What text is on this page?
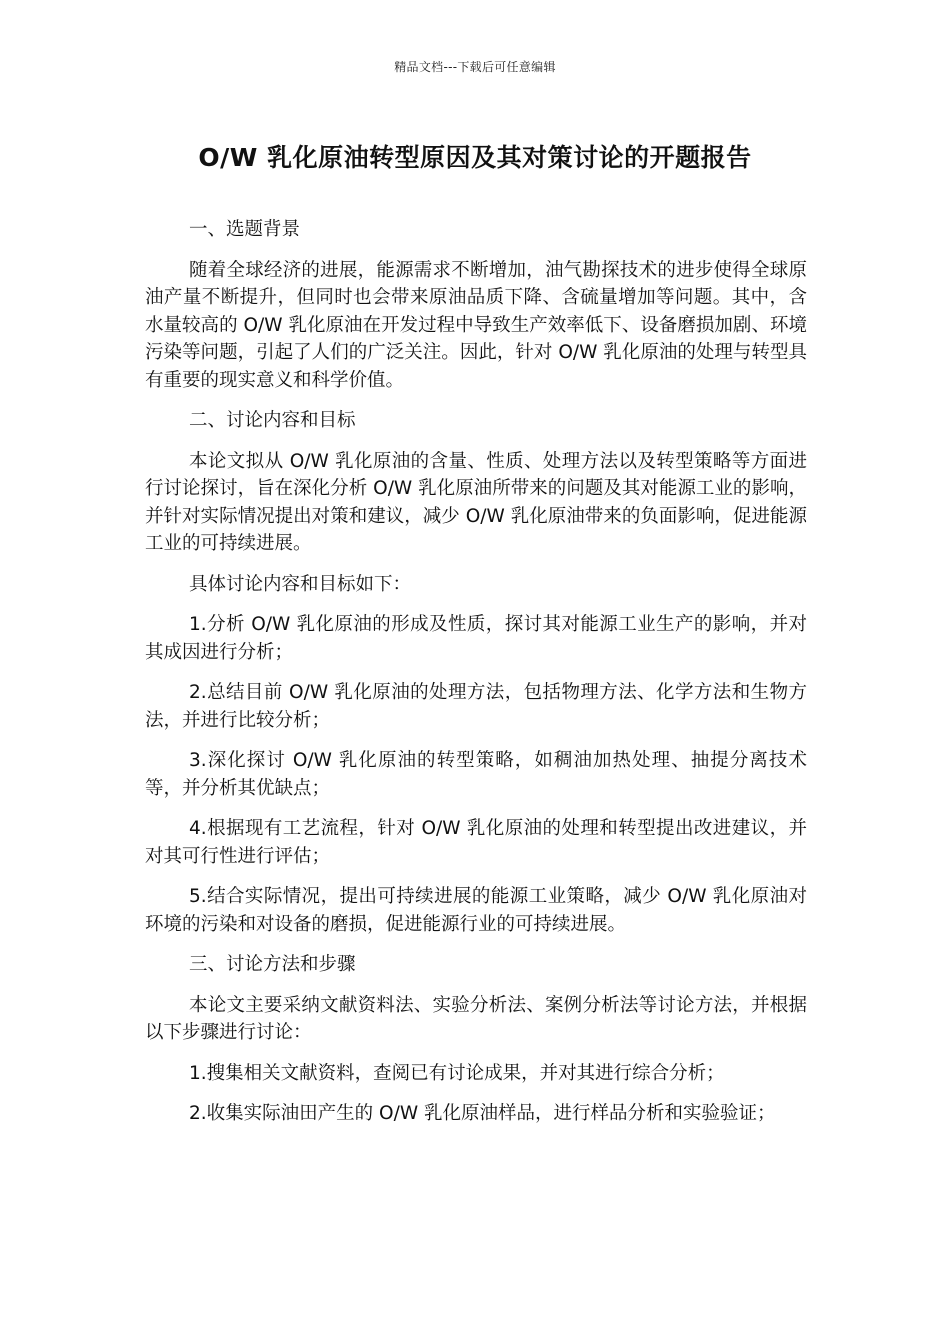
精品文档---下载后可任意编辑
O/W 乳化原油转型原因及其对策讨论的开题报告

一、选题背景

随着全球经济的进展，能源需求不断增加，油气勘探技术的进步使得全球原油产量不断提升，但同时也会带来原油品质下降、含硫量增加等问题。其中，含水量较高的 O/W 乳化原油在开发过程中导致生产效率低下、设备磨损加剧、环境污染等问题，引起了人们的广泛关注。因此，针对 O/W 乳化原油的处理与转型具有重要的现实意义和科学价值。

二、讨论内容和目标

本论文拟从 O/W 乳化原油的含量、性质、处理方法以及转型策略等方面进行讨论探讨，旨在深化分析 O/W 乳化原油所带来的问题及其对能源工业的影响，并针对实际情况提出对策和建议，减少 O/W 乳化原油带来的负面影响，促进能源工业的可持续进展。

具体讨论内容和目标如下：

1.分析 O/W 乳化原油的形成及性质，探讨其对能源工业生产的影响，并对其成因进行分析；

2.总结目前 O/W 乳化原油的处理方法，包括物理方法、化学方法和生物方法，并进行比较分析；

3.深化探讨 O/W 乳化原油的转型策略，如稠油加热处理、抽提分离技术等，并分析其优缺点；

4.根据现有工艺流程，针对 O/W 乳化原油的处理和转型提出改进建议，并对其可行性进行评估；

5.结合实际情况，提出可持续进展的能源工业策略，减少 O/W 乳化原油对环境的污染和对设备的磨损，促进能源行业的可持续进展。

三、讨论方法和步骤

本论文主要采纳文献资料法、实验分析法、案例分析法等讨论方法，并根据以下步骤进行讨论：

1.搜集相关文献资料，查阅已有讨论成果，并对其进行综合分析；

2.收集实际油田产生的 O/W 乳化原油样品，进行样品分析和实验验证；
